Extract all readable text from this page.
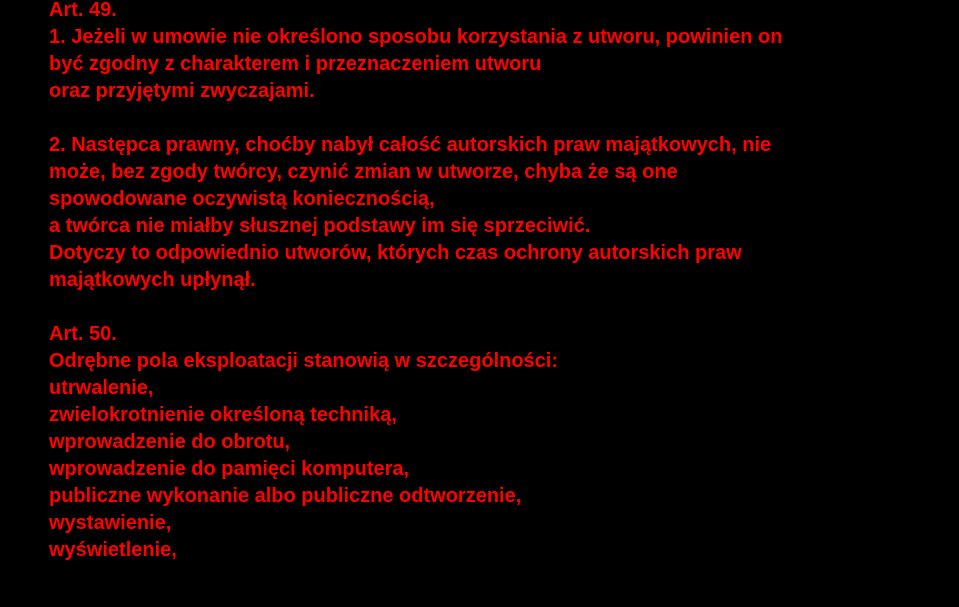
Art. 49.
1. Jeżeli w umowie nie określono sposobu korzystania z utworu, powinien on
być zgodny z charakterem i przeznaczeniem utworu
oraz przyjętymi zwyczajami.
2. Następca prawny, choćby nabył całość autorskich praw majątkowych, nie
może, bez zgody twórcy, czynić zmian w utworze, chyba że są one
spowodowane oczywistą koniecznością,
a twórca nie miałby słusznej podstawy im się sprzeciwić.
Dotyczy to odpowiednio utworów, których czas ochrony autorskich praw
majątkowych upłynął.
Art. 50.
Odrębne pola eksploatacji stanowią w szczególności:
utrwalenie,
zwielokrotnienie określoną techniką,
wprowadzenie do obrotu,
wprowadzenie do pamięci komputera,
publiczne wykonanie albo publiczne odtworzenie,
wystawienie,
wyświetlenie,
